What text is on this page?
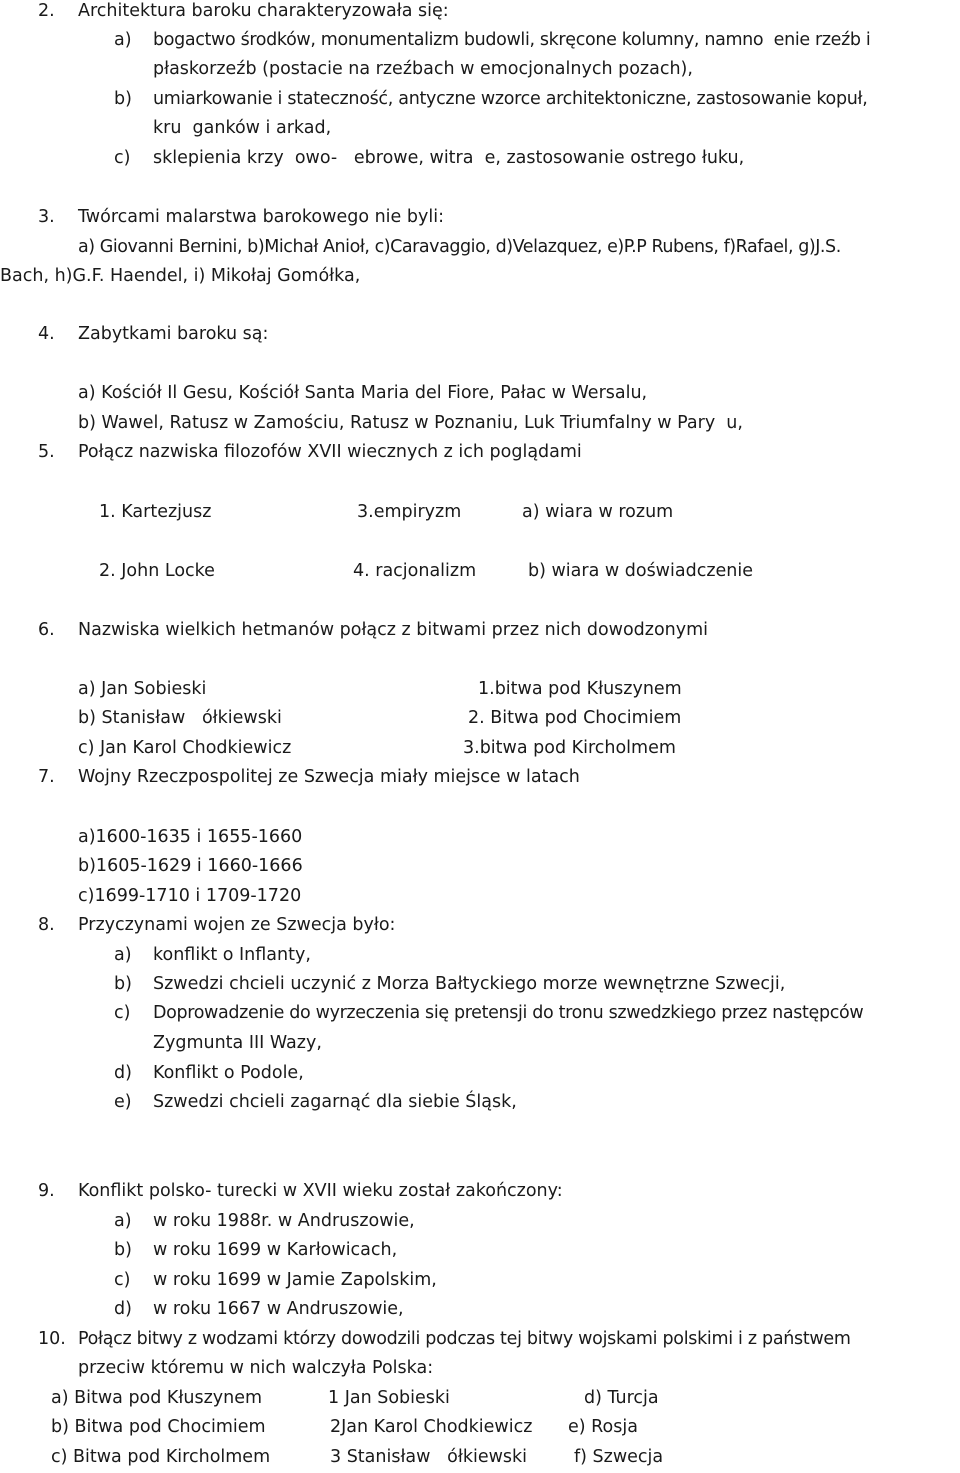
2. Architektura baroku charakteryzowała się:
a) bogactwo środków, monumentalizm budowli, skręcone kolumny, namno  enie rzeźb i
płaskorzeźb (postacie na rzeźbach w emocjonalnych pozach),
b) umiarkowanie i stateczność, antyczne wzorce architektoniczne, zastosowanie kopuł,
kru  ganków i arkad,
c) sklepienia krzy  owo-   ebrowe, witra  e, zastosowanie ostrego łuku,
3. Twórcami malarstwa barokowego nie byli:
a) Giovanni Bernini, b)Michał Anioł, c)Caravaggio, d)Velazquez, e)P.P Rubens, f)Rafael, g)J.S.
Bach, h)G.F. Haendel, i) Mikołaj Gomółka,
4. Zabytkami baroku są:
a) Kościół Il Gesu, Kościół Santa Maria del Fiore, Pałac w Wersalu,
b) Wawel, Ratusz w Zamościu, Ratusz w Poznaniu, Luk Triumfalny w Pary  u,
5. Połącz nazwiska filozofów XVII wiecznych z ich poglądami
1. Kartezjusz	3.empiryzm	a) wiara w rozum
2. John Locke	4. racjonalizm	b) wiara w doświadczenie
6. Nazwiska wielkich hetmanów połącz z bitwami przez nich dowodzonymi
a) Jan Sobieski	1.bitwa pod Kłuszynem
b) Stanisław   ółkiewski	2. Bitwa pod Chocimiem
c) Jan Karol Chodkiewicz	3.bitwa pod Kircholmem
7. Wojny Rzeczpospolitej ze Szwecja miały miejsce w latach
a)1600-1635 i 1655-1660
b)1605-1629 i 1660-1666
c)1699-1710 i 1709-1720
8. Przyczynami wojen ze Szwecja było:
a) konflikt o Inflanty,
b) Szwedzi chcieli uczynić z Morza Bałtyckiego morze wewnętrzne Szwecji,
c) Doprowadzenie do wyrzeczenia się pretensji do tronu szwedzkiego przez następców
Zygmunta III Wazy,
d) Konflikt o Podole,
e) Szwedzi chcieli zagarnąć dla siebie Śląsk,
9. Konflikt polsko- turecki w XVII wieku został zakończony:
a) w roku 1988r. w Andruszowie,
b) w roku 1699 w Karłowicach,
c) w roku 1699 w Jamie Zapolskim,
d) w roku 1667 w Andruszowie,
10. Połącz bitwy z wodzami którzy dowodzili podczas tej bitwy wojskami polskimi i z państwem
przeciw któremu w nich walczyła Polska:
a) Bitwa pod Kłuszynem	1 Jan Sobieski	d) Turcja
b) Bitwa pod Chocimiem	2Jan Karol Chodkiewicz e) Rosja
c) Bitwa pod Kircholmem	3 Stanisław   ółkiewski	f) Szwecja
